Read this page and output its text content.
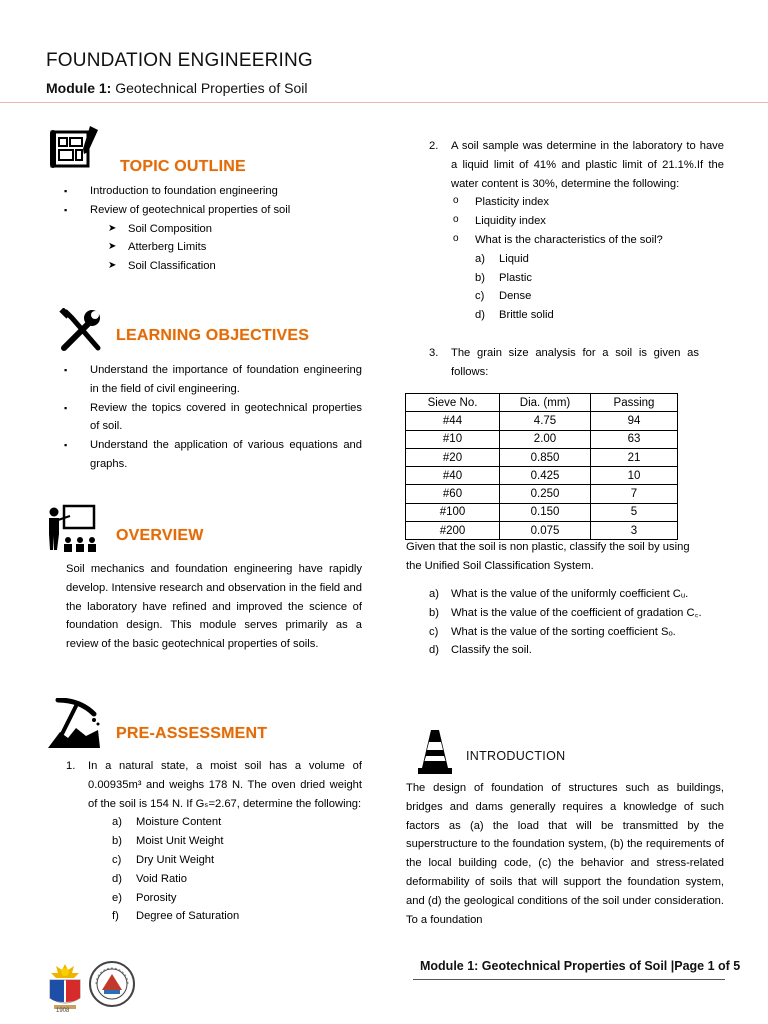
FOUNDATION ENGINEERING
Module 1: Geotechnical Properties of Soil
TOPIC OUTLINE
▪ Introduction to foundation engineering
▪ Review of geotechnical properties of soil
➤ Soil Composition
➤ Atterberg Limits
➤ Soil Classification
LEARNING OBJECTIVES
▪ Understand the importance of foundation engineering in the field of civil engineering.
▪ Review the topics covered in geotechnical properties of soil.
▪ Understand the application of various equations and graphs.
OVERVIEW
Soil mechanics and foundation engineering have rapidly develop. Intensive research and observation in the field and the laboratory have refined and improved the science of foundation design. This module serves primarily as a review of the basic geotechnical properties of soils.
PRE-ASSESSMENT
1. In a natural state, a moist soil has a volume of 0.00935m³ and weighs 178 N. The oven dried weight of the soil is 154 N. If Gₛ=2.67, determine the following:
a) Moisture Content
b) Moist Unit Weight
c) Dry Unit Weight
d) Void Ratio
e) Porosity
f) Degree of Saturation
2. A soil sample was determine in the laboratory to have a liquid limit of 41% and plastic limit of 21.1%.If the water content is 30%, determine the following:
o Plasticity index
o Liquidity index
o What is the characteristics of the soil?
a) Liquid
b) Plastic
c) Dense
d) Brittle solid
3. The grain size analysis for a soil is given as follows:
Sieve No.	Dia. (mm)	Passing
#44	4.75	94
#10	2.00	63
#20	0.850	21
#40	0.425	10
#60	0.250	7
#100	0.150	5
#200	0.075	3
Given that the soil is non plastic, classify the soil by using the Unified Soil Classification System.
a) What is the value of the uniformly coefficient Cᵤ.
b) What is the value of the coefficient of gradation C꜀.
c) What is the value of the sorting coefficient Sₒ.
d) Classify the soil.
INTRODUCTION
The design of foundation of structures such as buildings, bridges and dams generally requires a knowledge of such factors as (a) the load that will be transmitted by the superstructure to the foundation system, (b) the requirements of the local building code, (c) the behavior and stress-related deformability of soils that will support the foundation system, and (d) the geological conditions of the soil under consideration. To a foundation
1908
Module 1: Geotechnical Properties of Soil |Page 1 of 5
